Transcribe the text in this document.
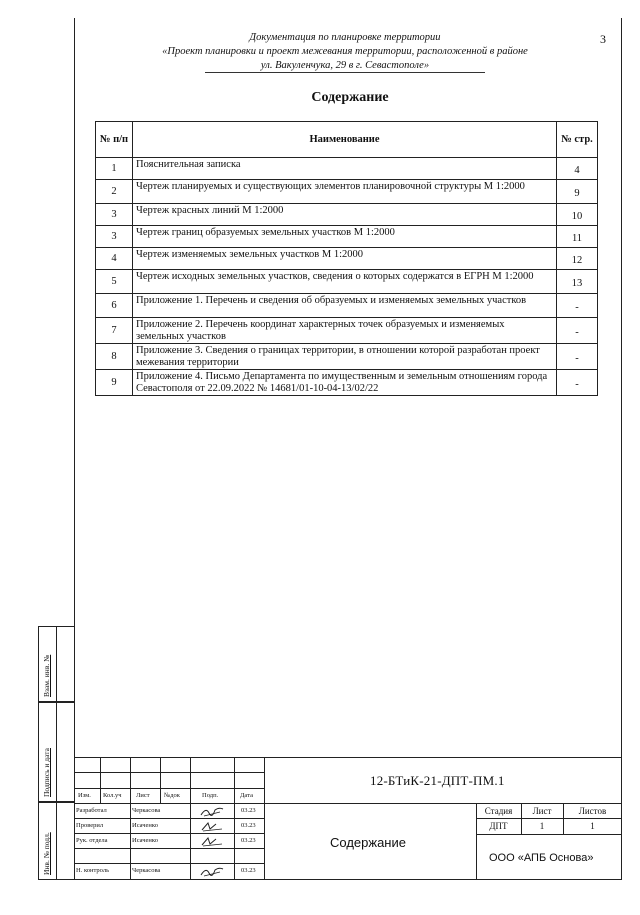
3
Документация по планировке территории
«Проект планировки и проект межевания территории, расположенной в районе
ул. Вакуленчука, 29 в г. Севастополе»
Содержание
№ п/п	Наименование	№ стр.
1	Пояснительная записка	4
2	Чертеж планируемых и существующих элементов планировочной структуры М 1:2000	9
3	Чертеж красных линий М 1:2000	10
3	Чертеж границ образуемых земельных участков М 1:2000	11
4	Чертеж изменяемых земельных участков М 1:2000	12
5	Чертеж исходных земельных участков, сведения о которых содержатся в ЕГРН М 1:2000	13
6	Приложение 1. Перечень и сведения об образуемых и изменяемых земельных участков	-
7	Приложение 2. Перечень координат характерных точек образуемых и изменяемых земельных участков	-
8	Приложение 3. Сведения о границах территории, в отношении которой разработан проект межевания территории	-
9	Приложение 4. Письмо Департамента по имущественным и земельным отношениям города Севастополя от 22.09.2022 № 14681/01-10-04-13/02/22	-
Взам. инв. №
Подпись и дата
Инв. № подл.
Изм. Кол.уч Лист №док	Подп.	Дата
Разработал	Черкасова	03.23
Проверил	Исаченко	03.23
Рук. отдела	Исаченко	03.23
Н. контроль	Черкасова	03.23
12-БТиК-21-ДПТ-ПМ.1
Содержание
Стадия	Лист	Листов
ДПТ	1	1
ООО «АПБ Основа»
